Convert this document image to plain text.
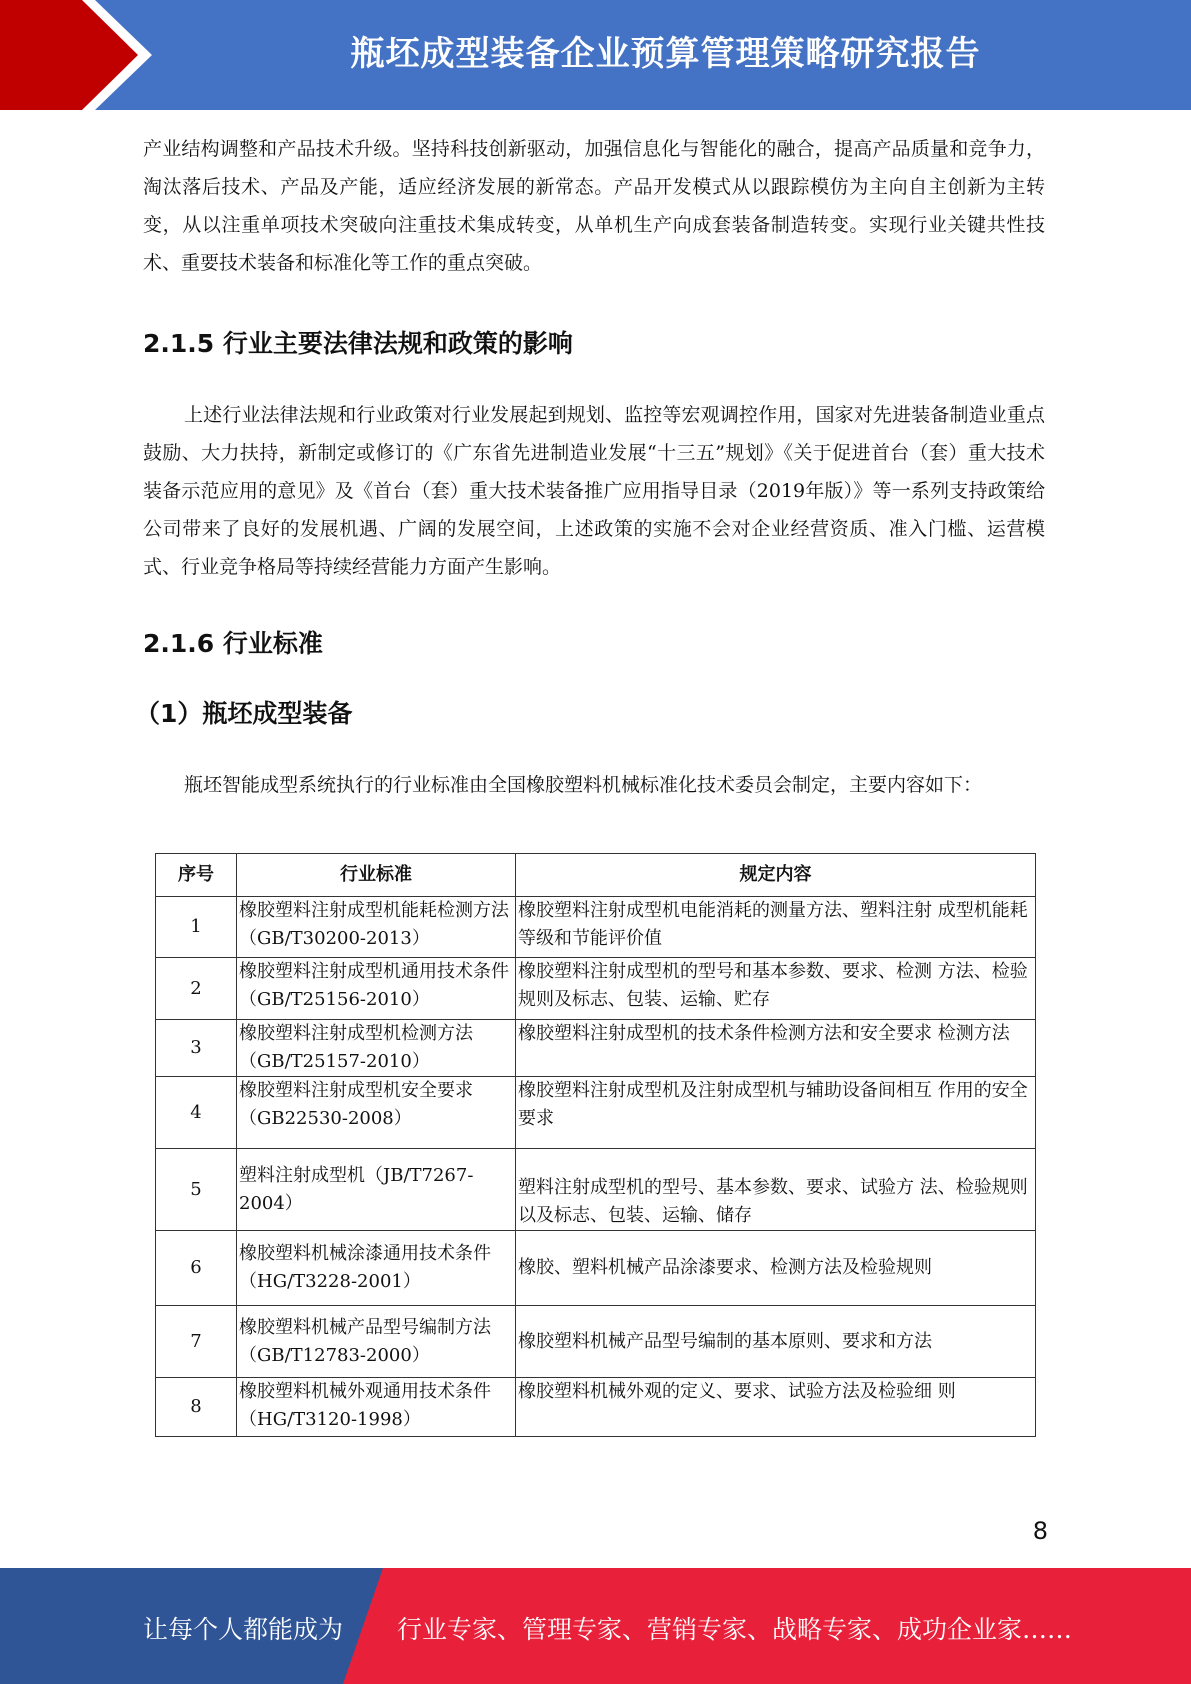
瓶坯成型装备企业预算管理策略研究报告

产业结构调整和产品技术升级。坚持科技创新驱动，加强信息化与智能化的融合，提高产品质量和竞争力，淘汰落后技术、产品及产能，适应经济发展的新常态。产品开发模式从以跟踪模仿为主向自主创新为主转变，从以注重单项技术突破向注重技术集成转变，从单机生产向成套装备制造转变。实现行业关键共性技术、重要技术装备和标准化等工作的重点突破。

2.1.5 行业主要法律法规和政策的影响

上述行业法律法规和行业政策对行业发展起到规划、监控等宏观调控作用，国家对先进装备制造业重点鼓励、大力扶持，新制定或修订的《广东省先进制造业发展“十三五”规划》《关于促进首台（套）重大技术装备示范应用的意见》及《首台（套）重大技术装备推广应用指导目录（2019年版）》等一系列支持政策给公司带来了良好的发展机遇、广阔的发展空间，上述政策的实施不会对企业经营资质、准入门槛、运营模式、行业竞争格局等持续经营能力方面产生影响。

2.1.6 行业标准
（1）瓶坯成型装备

瓶坯智能成型系统执行的行业标准由全国橡胶塑料机械标准化技术委员会制定，主要内容如下：

序号	行业标准	规定内容
1	橡胶塑料注射成型机能耗检测方法（GB/T30200-2013）	橡胶塑料注射成型机电能消耗的测量方法、塑料注射 成型机能耗等级和节能评价值
2	橡胶塑料注射成型机通用技术条件（GB/T25156-2010）	橡胶塑料注射成型机的型号和基本参数、要求、检测 方法、检验规则及标志、包装、运输、贮存
3	橡胶塑料注射成型机检测方法（GB/T25157-2010）	橡胶塑料注射成型机的技术条件检测方法和安全要求 检测方法
4	橡胶塑料注射成型机安全要求（GB22530-2008）	橡胶塑料注射成型机及注射成型机与辅助设备间相互 作用的安全要求
5	塑料注射成型机（JB/T7267-2004）	塑料注射成型机的型号、基本参数、要求、试验方 法、检验规则以及标志、包装、运输、储存
6	橡胶塑料机械涂漆通用技术条件（HG/T3228-2001）	橡胶、塑料机械产品涂漆要求、检测方法及检验规则
7	橡胶塑料机械产品型号编制方法（GB/T12783-2000）	橡胶塑料机械产品型号编制的基本原则、要求和方法
8	橡胶塑料机械外观通用技术条件（HG/T3120-1998）	橡胶塑料机械外观的定义、要求、试验方法及检验细 则
8
让每个人都能成为 行业专家、管理专家、营销专家、战略专家、成功企业家……
